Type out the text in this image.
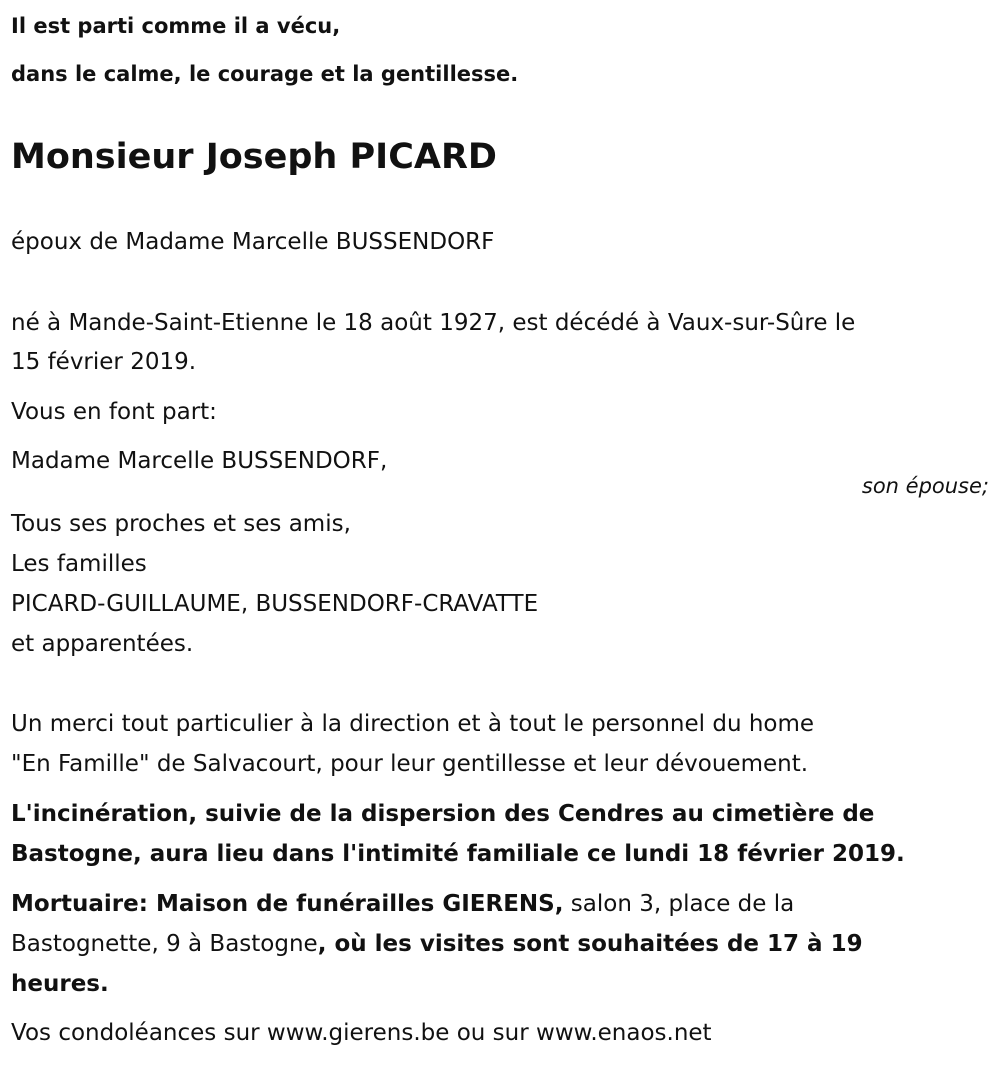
Il est parti comme il a vécu,

dans le calme, le courage et la gentillesse.

Monsieur Joseph PICARD

époux de Madame Marcelle BUSSENDORF

né à Mande-Saint-Etienne le 18 août 1927, est décédé à Vaux-sur-Sûre le

15 février 2019.

Vous en font part:

Madame Marcelle BUSSENDORF,

son épouse;

Tous ses proches et ses amis,

Les familles

PICARD-GUILLAUME, BUSSENDORF-CRAVATTE

et apparentées.

Un merci tout particulier à la direction et à tout le personnel du home

"En Famille" de Salvacourt, pour leur gentillesse et leur dévouement.

L'incinération, suivie de la dispersion des Cendres au cimetière de

Bastogne, aura lieu dans l'intimité familiale ce lundi 18 février 2019.

Mortuaire: Maison de funérailles GIERENS, salon 3, place de la

Bastognette, 9 à Bastogne, où les visites sont souhaitées de 17 à 19

heures.

Vos condoléances sur www.gierens.be ou sur www.enaos.net
